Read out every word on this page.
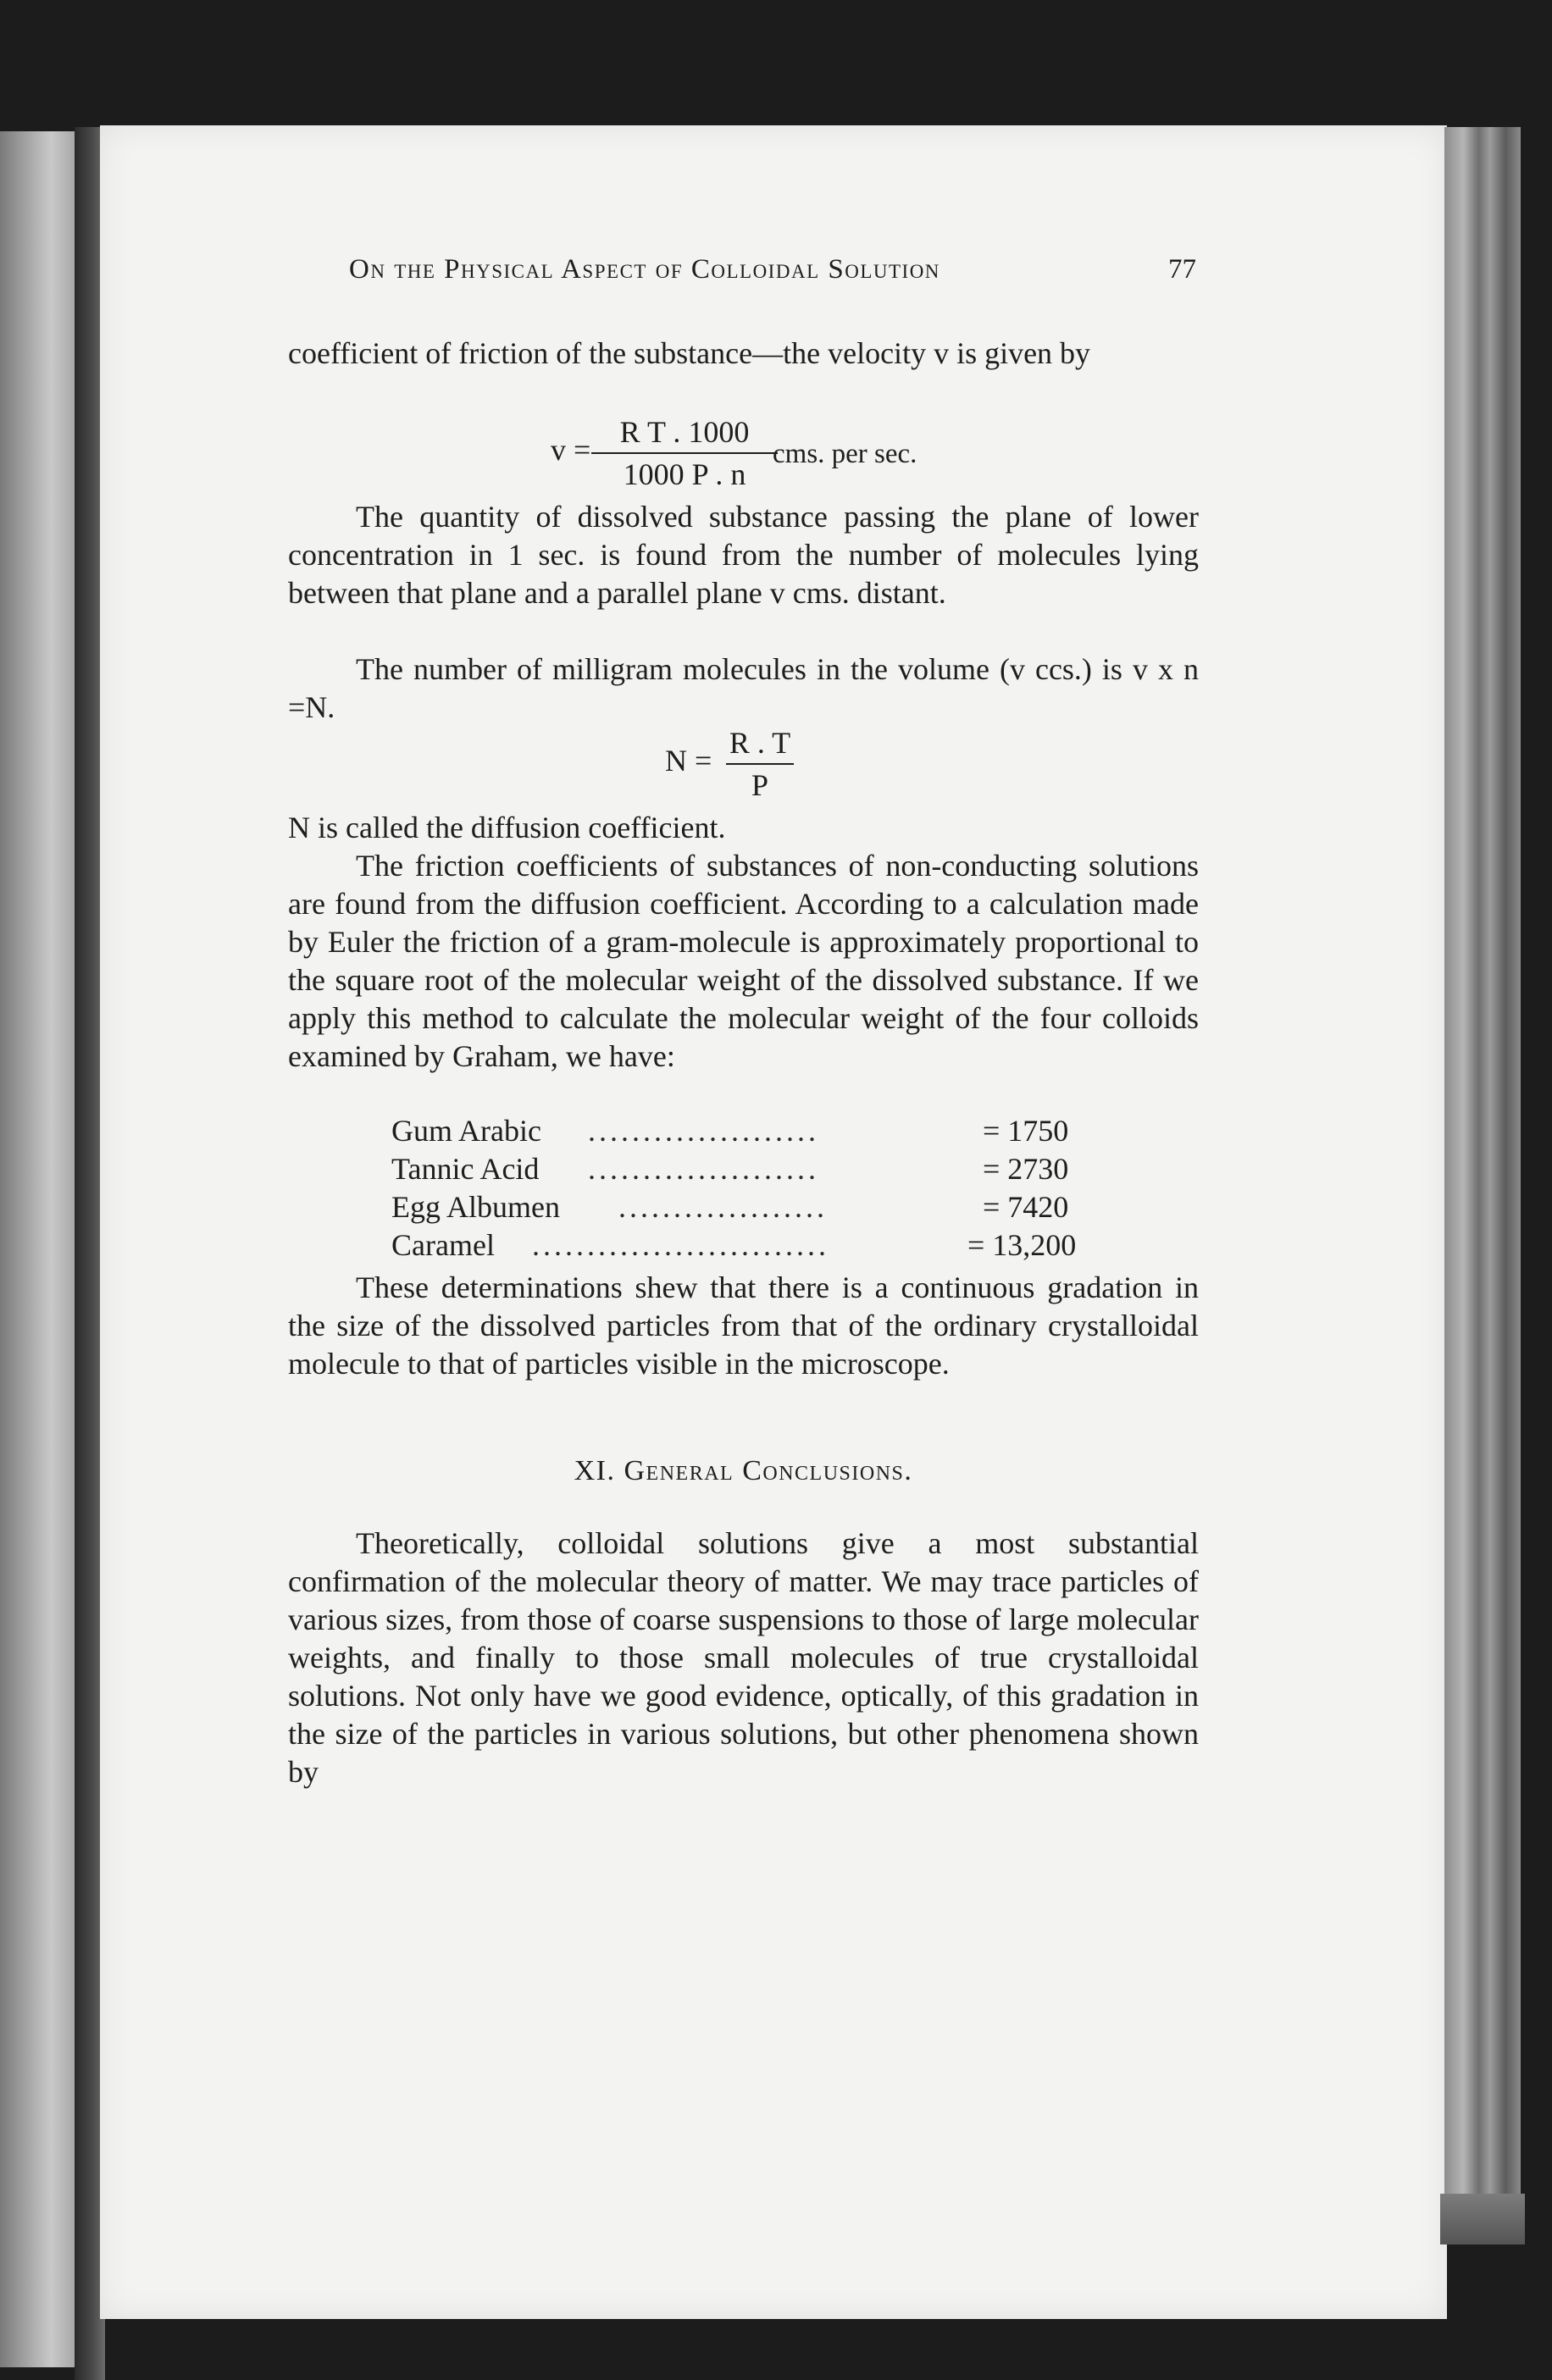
On the Physical Aspect of Colloidal Solution	77
coefficient of friction of the substance—the velocity v is given by
v =
R T . 1000
1000 P . n
cms. per sec.
The quantity of dissolved substance passing the plane of lower concentration in 1 sec. is found from the number of molecules lying between that plane and a parallel plane v cms. distant.
The number of milligram molecules in the volume (v ccs.) is v x n =N.
N =
R . T
P
N is called the diffusion coefficient.
The friction coefficients of substances of non-conducting solutions are found from the diffusion coefficient. According to a calculation made by Euler the friction of a gram-molecule is approximately proportional to the square root of the molecular weight of the dissolved substance. If we apply this method to calculate the molecular weight of the four colloids examined by Graham, we have:
Gum Arabic .....................	= 1750
Tannic Acid .....................	= 2730
Egg Albumen ...................	= 7420
Caramel ...........................	= 13,200
These determinations shew that there is a continuous gradation in the size of the dissolved particles from that of the ordinary crystalloidal molecule to that of particles visible in the microscope.
XI. General Conclusions.
Theoretically, colloidal solutions give a most substantial confirmation of the molecular theory of matter. We may trace particles of various sizes, from those of coarse suspensions to those of large molecular weights, and finally to those small molecules of true crystalloidal solutions. Not only have we good evidence, optically, of this gradation in the size of the particles in various solutions, but other phenomena shown by
